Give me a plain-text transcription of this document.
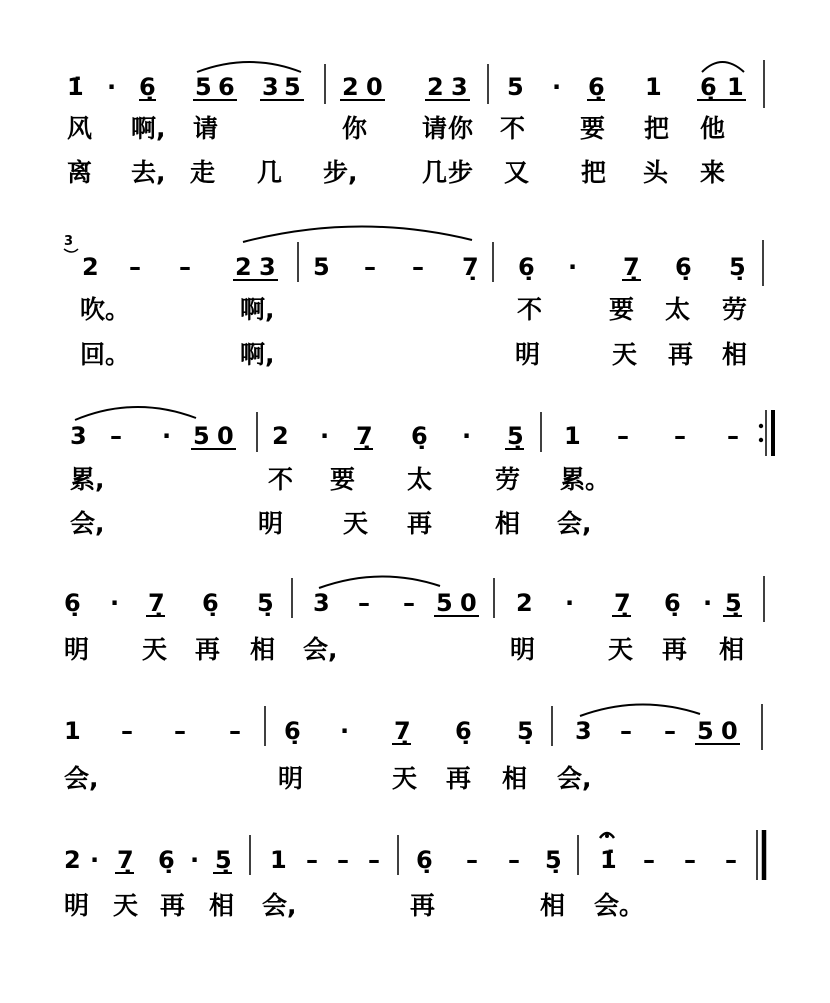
1̇ · 6̣ 5 6 3 5 2 0 2 3 5 · 6̣ 1 6̣ 1
风 啊, 请	你 请 你 不 要 把 他
离 去, 走 几 步,	几 步 又 把 头 来
3
2 – – 2 3 5 – – 7̣ 6̣ · 7̣ 6̣ 5̣
吹。	啊,	不	要 太 劳
回。	啊,	明	天 再 相
3 – · 5 0 2 · 7̣ 6̣ · 5̣ 1 – – –
累,	不 要 太	劳 累。
会,	明 天 再	相 会,
6̣ · 7̣ 6̣ 5̣ 3 – – 5 0 2 · 7̣ 6̣ · 5̣
明 天 再 相 会,	明	天 再 相
1 – – – 6̣ · 7̣ 6̣ 5̣ 3 – – 5 0
会,	明	天 再 相 会,
2 · 7̣ 6̣ · 5̣ 1 – – – 6̣ – – 5̣ 1̇ – – –
明 天 再 相 会,	再	相 会。
